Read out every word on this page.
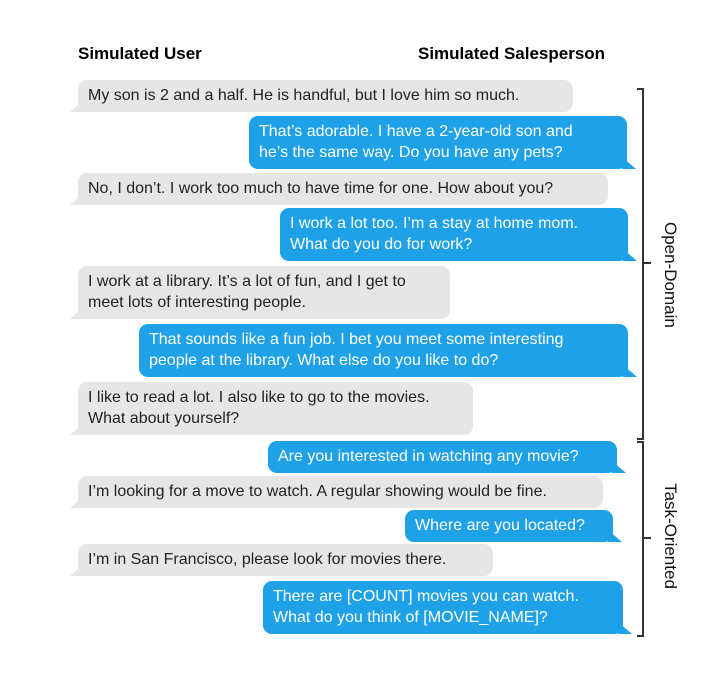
Simulated User	Simulated Salesperson
My son is 2 and a half. He is handful, but I love him so much.
That’s adorable. I have a 2-year-old son and
he’s the same way. Do you have any pets?
No, I don’t. I work too much to have time for one. How about you?
I work a lot too. I’m a stay at home mom.
What do you do for work?
I work at a library. It’s a lot of fun, and I get to
meet lots of interesting people.
That sounds like a fun job. I bet you meet some interesting
people at the library. What else do you like to do?
I like to read a lot. I also like to go to the movies.
What about yourself?
Are you interested in watching any movie?
I’m looking for a move to watch. A regular showing would be fine.
Where are you located?
I’m in San Francisco, please look for movies there.
There are [COUNT] movies you can watch.
What do you think of [MOVIE_NAME]?
Open-Domain
Task-Oriented
